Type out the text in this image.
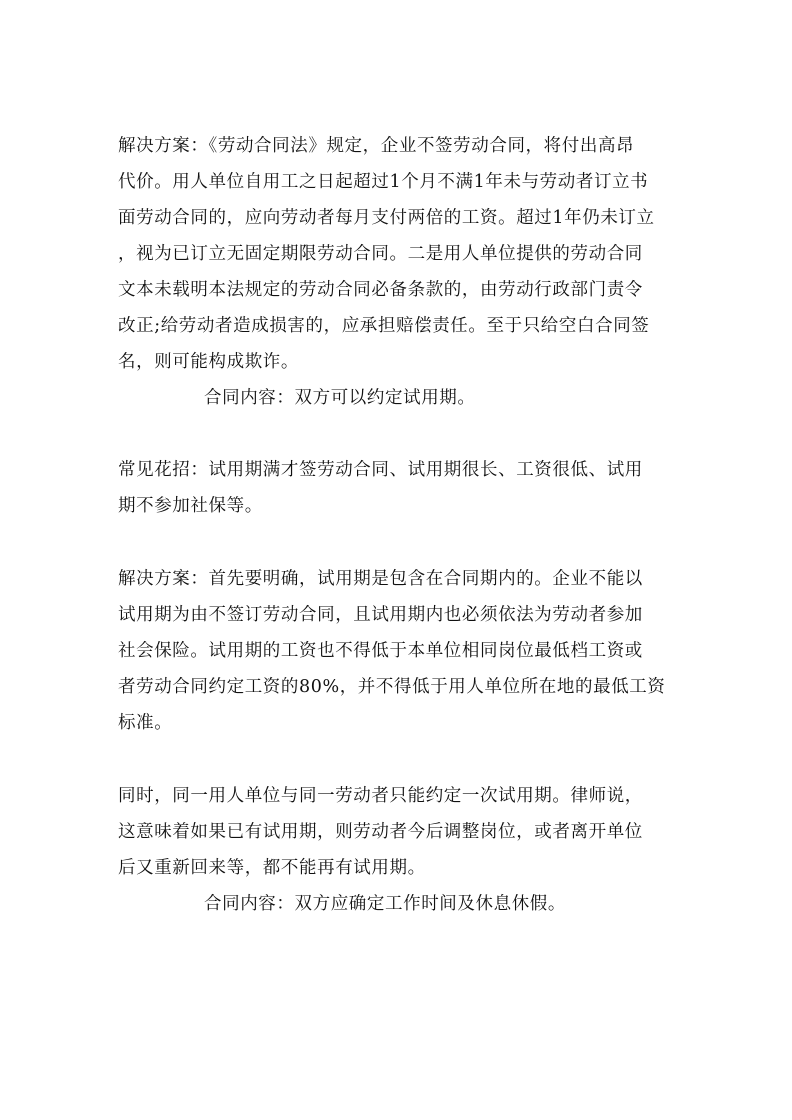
解决方案：《劳动合同法》规定，企业不签劳动合同，将付出高昂
代价。用人单位自用工之日起超过1个月不满1年未与劳动者订立书
面劳动合同的，应向劳动者每月支付两倍的工资。超过1年仍未订立
，视为已订立无固定期限劳动合同。二是用人单位提供的劳动合同
文本未载明本法规定的劳动合同必备条款的，由劳动行政部门责令
改正;给劳动者造成损害的，应承担赔偿责任。至于只给空白合同签
名，则可能构成欺诈。
合同内容：双方可以约定试用期。
常见花招：试用期满才签劳动合同、试用期很长、工资很低、试用
期不参加社保等。
解决方案：首先要明确，试用期是包含在合同期内的。企业不能以
试用期为由不签订劳动合同，且试用期内也必须依法为劳动者参加
社会保险。试用期的工资也不得低于本单位相同岗位最低档工资或
者劳动合同约定工资的80%，并不得低于用人单位所在地的最低工资
标准。
同时，同一用人单位与同一劳动者只能约定一次试用期。律师说，
这意味着如果已有试用期，则劳动者今后调整岗位，或者离开单位
后又重新回来等，都不能再有试用期。
合同内容：双方应确定工作时间及休息休假。
